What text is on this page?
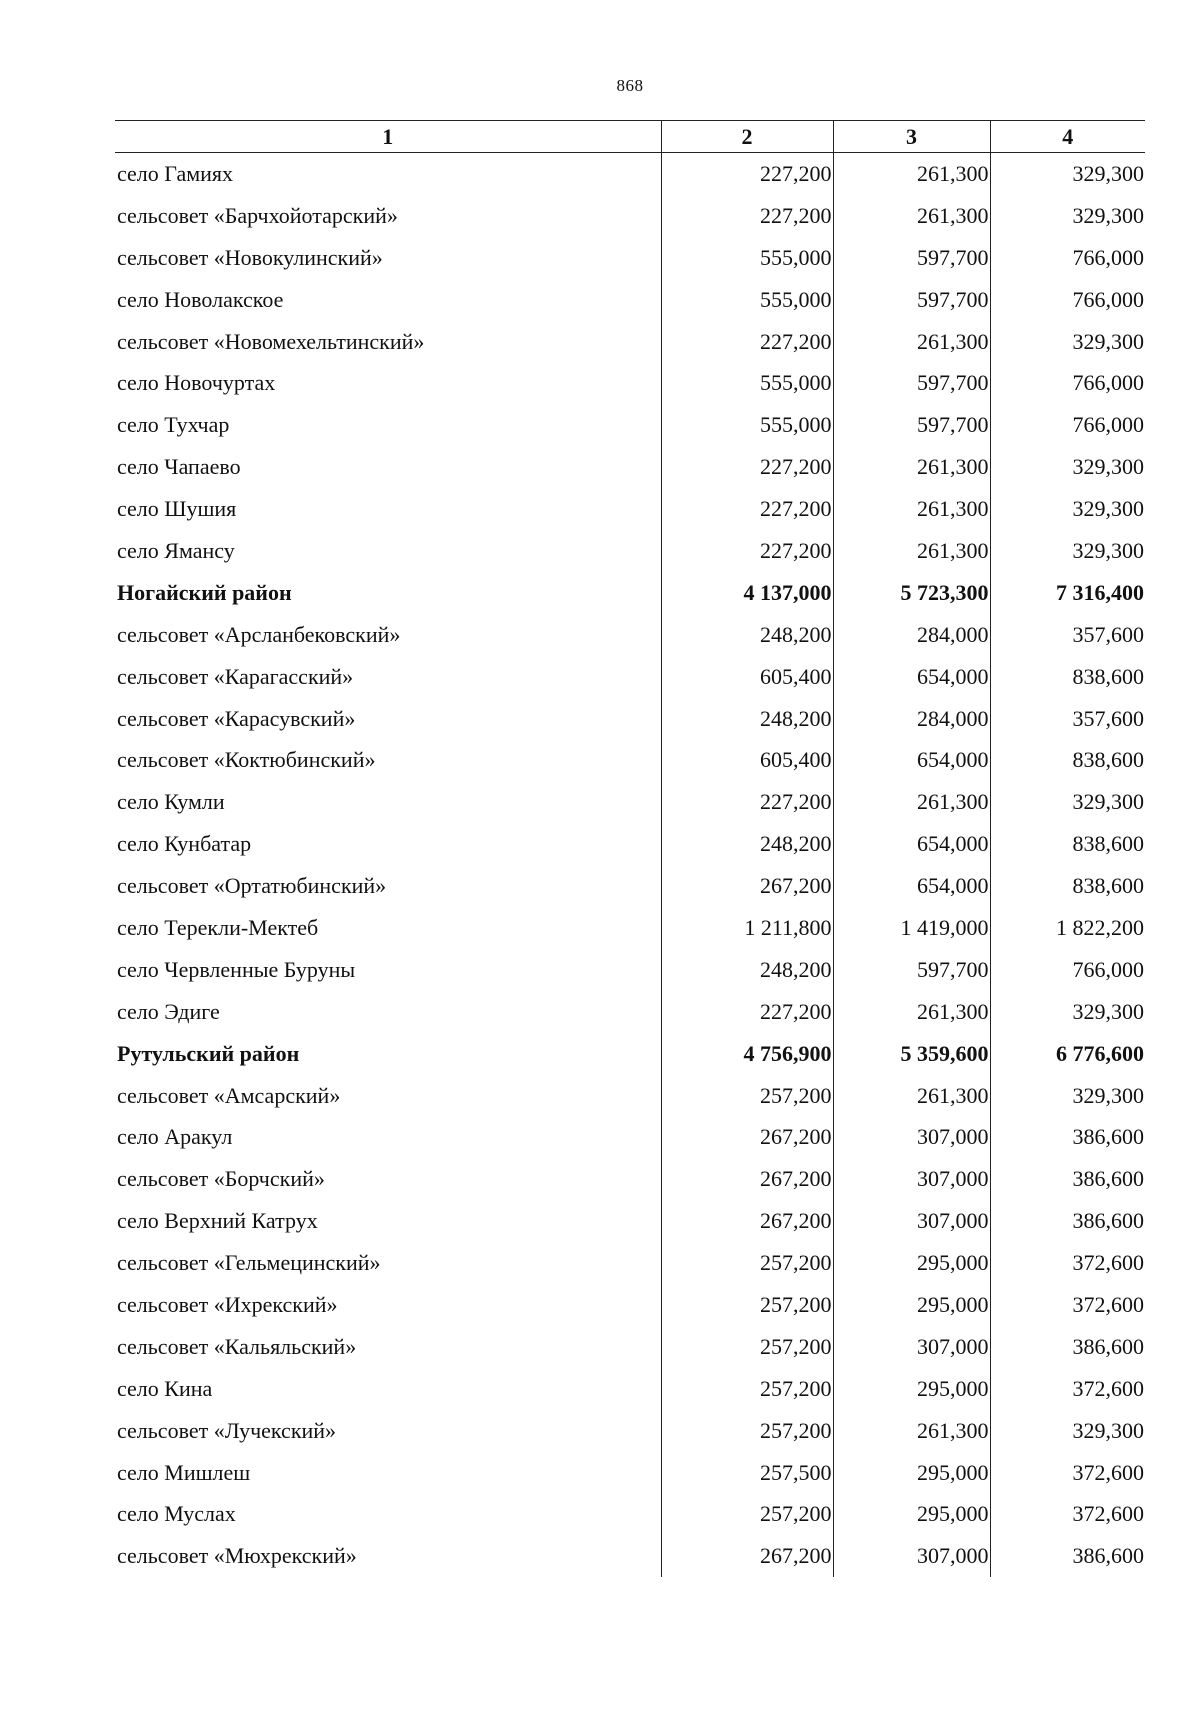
868
1	2	3	4
село Гамиях	227,200	261,300	329,300
сельсовет «Барчхойотарский»	227,200	261,300	329,300
сельсовет «Новокулинский»	555,000	597,700	766,000
село Новолакское	555,000	597,700	766,000
сельсовет «Новомехельтинский»	227,200	261,300	329,300
село Новочуртах	555,000	597,700	766,000
село Тухчар	555,000	597,700	766,000
село Чапаево	227,200	261,300	329,300
село Шушия	227,200	261,300	329,300
село Ямансу	227,200	261,300	329,300
Ногайский район	4 137,000	5 723,300	7 316,400
сельсовет «Арсланбековский»	248,200	284,000	357,600
сельсовет «Карагасский»	605,400	654,000	838,600
сельсовет «Карасувский»	248,200	284,000	357,600
сельсовет «Коктюбинский»	605,400	654,000	838,600
село Кумли	227,200	261,300	329,300
село Кунбатар	248,200	654,000	838,600
сельсовет «Ортатюбинский»	267,200	654,000	838,600
село Терекли-Мектеб	1 211,800	1 419,000	1 822,200
село Червленные Буруны	248,200	597,700	766,000
село Эдиге	227,200	261,300	329,300
Рутульский район	4 756,900	5 359,600	6 776,600
сельсовет «Амсарский»	257,200	261,300	329,300
село Аракул	267,200	307,000	386,600
сельсовет «Борчский»	267,200	307,000	386,600
село Верхний Катрух	267,200	307,000	386,600
сельсовет «Гельмецинский»	257,200	295,000	372,600
сельсовет «Ихрекский»	257,200	295,000	372,600
сельсовет «Кальяльский»	257,200	307,000	386,600
село Кина	257,200	295,000	372,600
сельсовет «Лучекский»	257,200	261,300	329,300
село Мишлеш	257,500	295,000	372,600
село Муслах	257,200	295,000	372,600
сельсовет «Мюхрекский»	267,200	307,000	386,600
